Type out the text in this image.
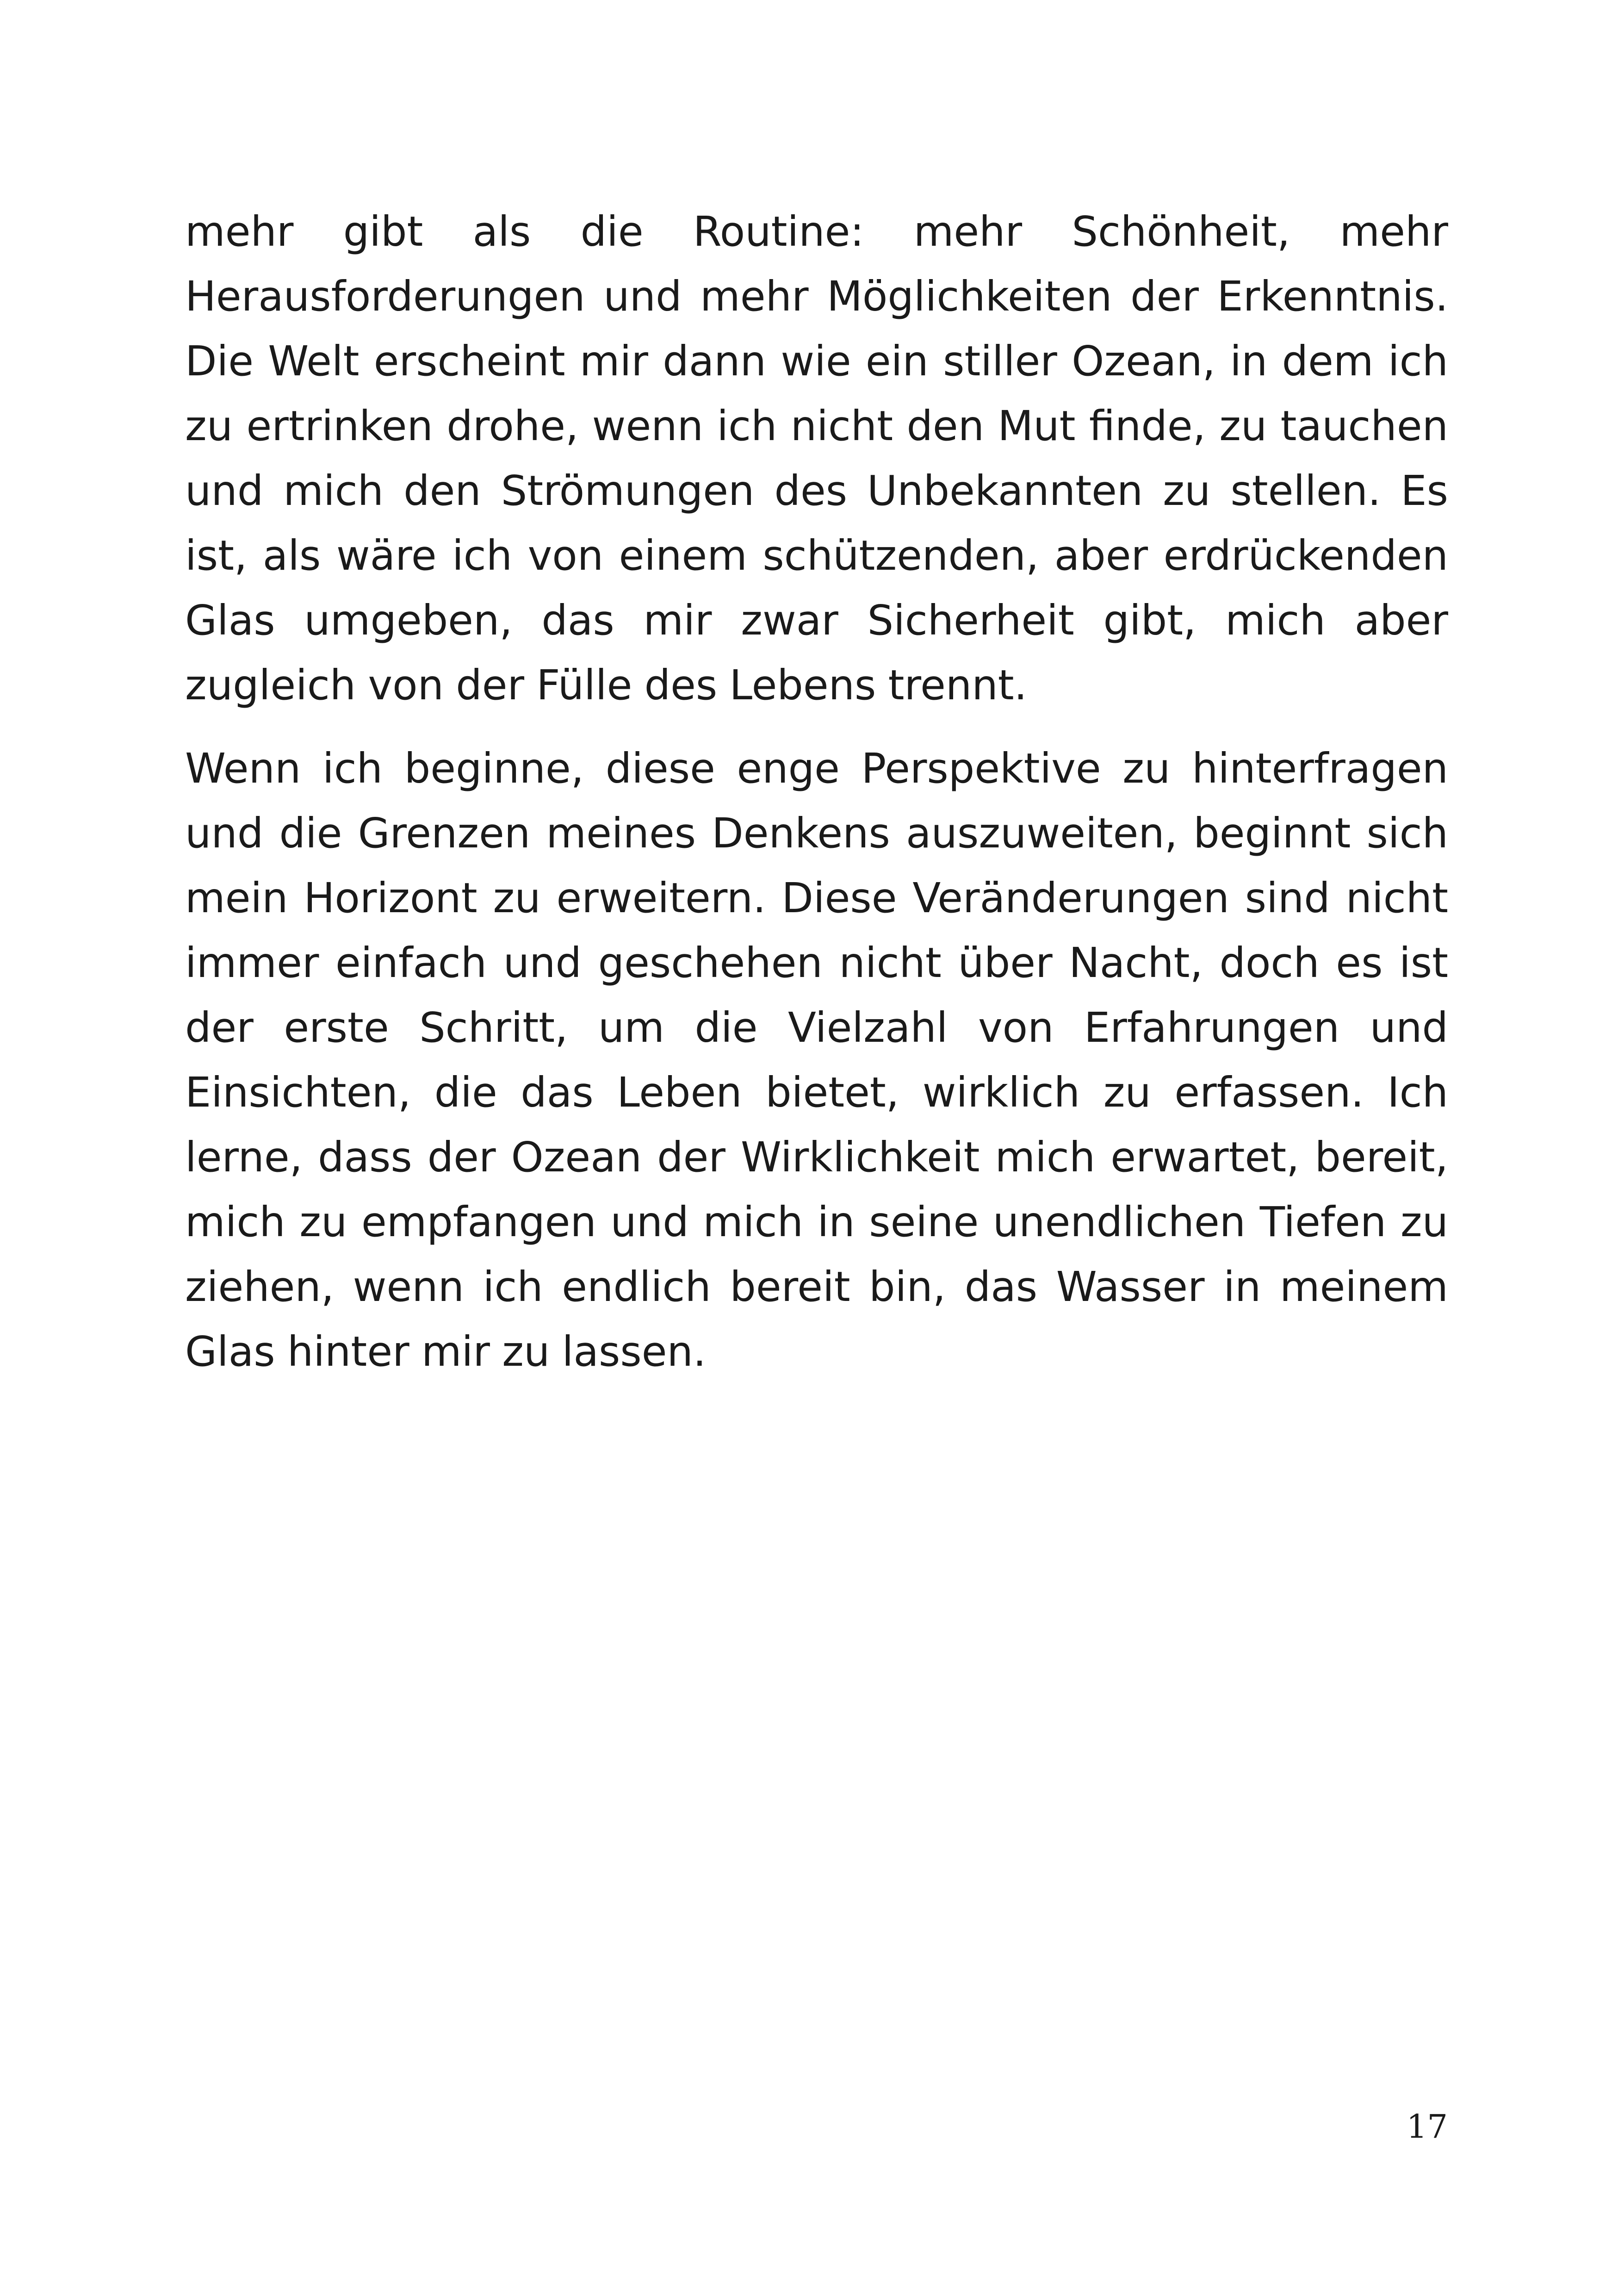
mehr gibt als die Routine: mehr Schönheit, mehr Herausforderungen und mehr Möglichkeiten der Erkenntnis. Die Welt erscheint mir dann wie ein stiller Ozean, in dem ich zu ertrinken drohe, wenn ich nicht den Mut finde, zu tauchen und mich den Strömungen des Unbekannten zu stellen. Es ist, als wäre ich von einem schützenden, aber erdrückenden Glas umgeben, das mir zwar Sicherheit gibt, mich aber zugleich von der Fülle des Lebens trennt.

Wenn ich beginne, diese enge Perspektive zu hinterfragen und die Grenzen meines Denkens auszuweiten, beginnt sich mein Horizont zu erweitern. Diese Veränderungen sind nicht immer einfach und geschehen nicht über Nacht, doch es ist der erste Schritt, um die Vielzahl von Erfahrungen und Einsichten, die das Leben bietet, wirklich zu erfassen. Ich lerne, dass der Ozean der Wirklichkeit mich erwartet, bereit, mich zu empfangen und mich in seine unendlichen Tiefen zu ziehen, wenn ich endlich bereit bin, das Wasser in meinem Glas hinter mir zu lassen.

17
